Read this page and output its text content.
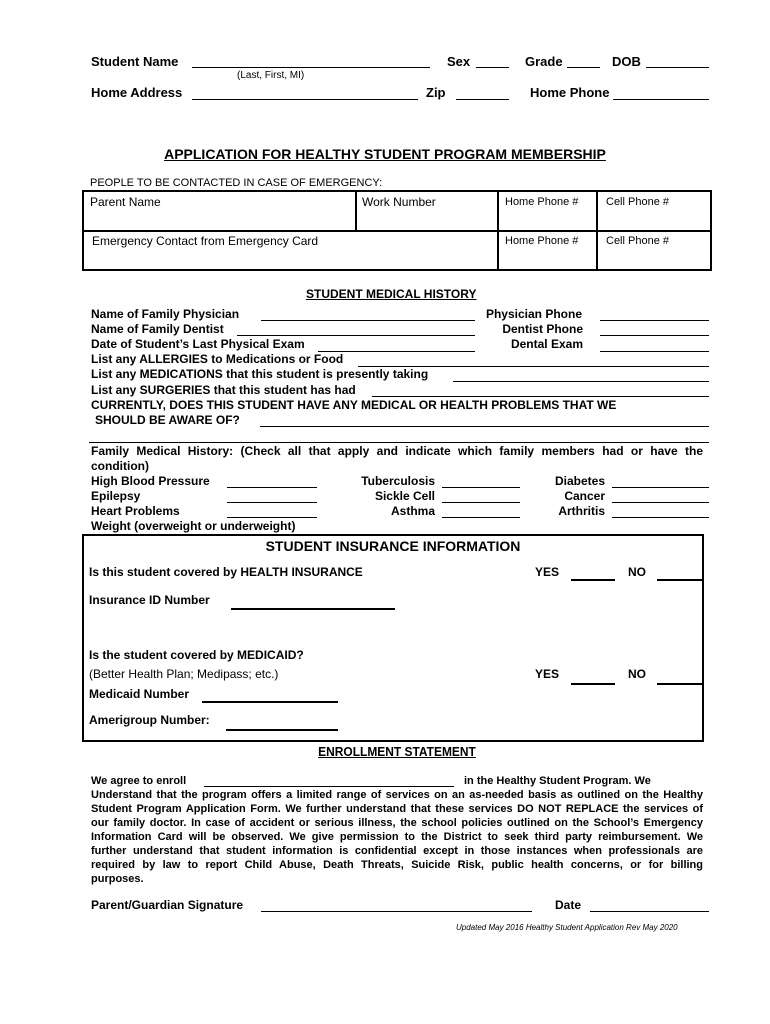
Student Name
(Last, First, MI)
Sex	Grade	DOB
Home Address	Zip	Home Phone
APPLICATION FOR HEALTHY STUDENT PROGRAM MEMBERSHIP
PEOPLE TO BE CONTACTED IN CASE OF EMERGENCY:
Parent Name	Work Number	Home Phone #	Cell Phone #
Emergency Contact from Emergency Card	Home Phone #	Cell Phone #
STUDENT MEDICAL HISTORY
Name of Family Physician	Physician Phone
Name of Family Dentist	Dentist Phone
Date of Student’s Last Physical Exam	Dental Exam
List any ALLERGIES to Medications or Food
List any MEDICATIONS that this student is presently taking
List any SURGERIES that this student has had
CURRENTLY, DOES THIS STUDENT HAVE ANY MEDICAL OR HEALTH PROBLEMS THAT WE
SHOULD BE AWARE OF?
Family Medical History: (Check all that apply and indicate which family members had or have the
condition)
High Blood Pressure	Tuberculosis	Diabetes
Epilepsy	Sickle Cell	Cancer
Heart Problems	Asthma	Arthritis
Weight (overweight or underweight)
STUDENT INSURANCE INFORMATION
Is this student covered by HEALTH INSURANCE	YES	NO
Insurance ID Number
Is the student covered by MEDICAID?
(Better Health Plan; Medipass; etc.)	YES	NO
Medicaid Number
Amerigroup Number:
ENROLLMENT STATEMENT
We agree to enroll	in the Healthy Student Program. We
Understand that the program offers a limited range of services on an as-needed basis as outlined on the Healthy
Student Program Application Form. We further understand that these services DO NOT REPLACE the services of
our family doctor. In case of accident or serious illness, the school policies outlined on the School’s Emergency
Information Card will be observed. We give permission to the District to seek third party reimbursement. We
further understand that student information is confidential except in those instances when professionals are
required by law to report Child Abuse, Death Threats, Suicide Risk, public health concerns, or for billing
purposes.
Parent/Guardian Signature	Date
Updated May 2016 Healthy Student Application Rev May 2020
